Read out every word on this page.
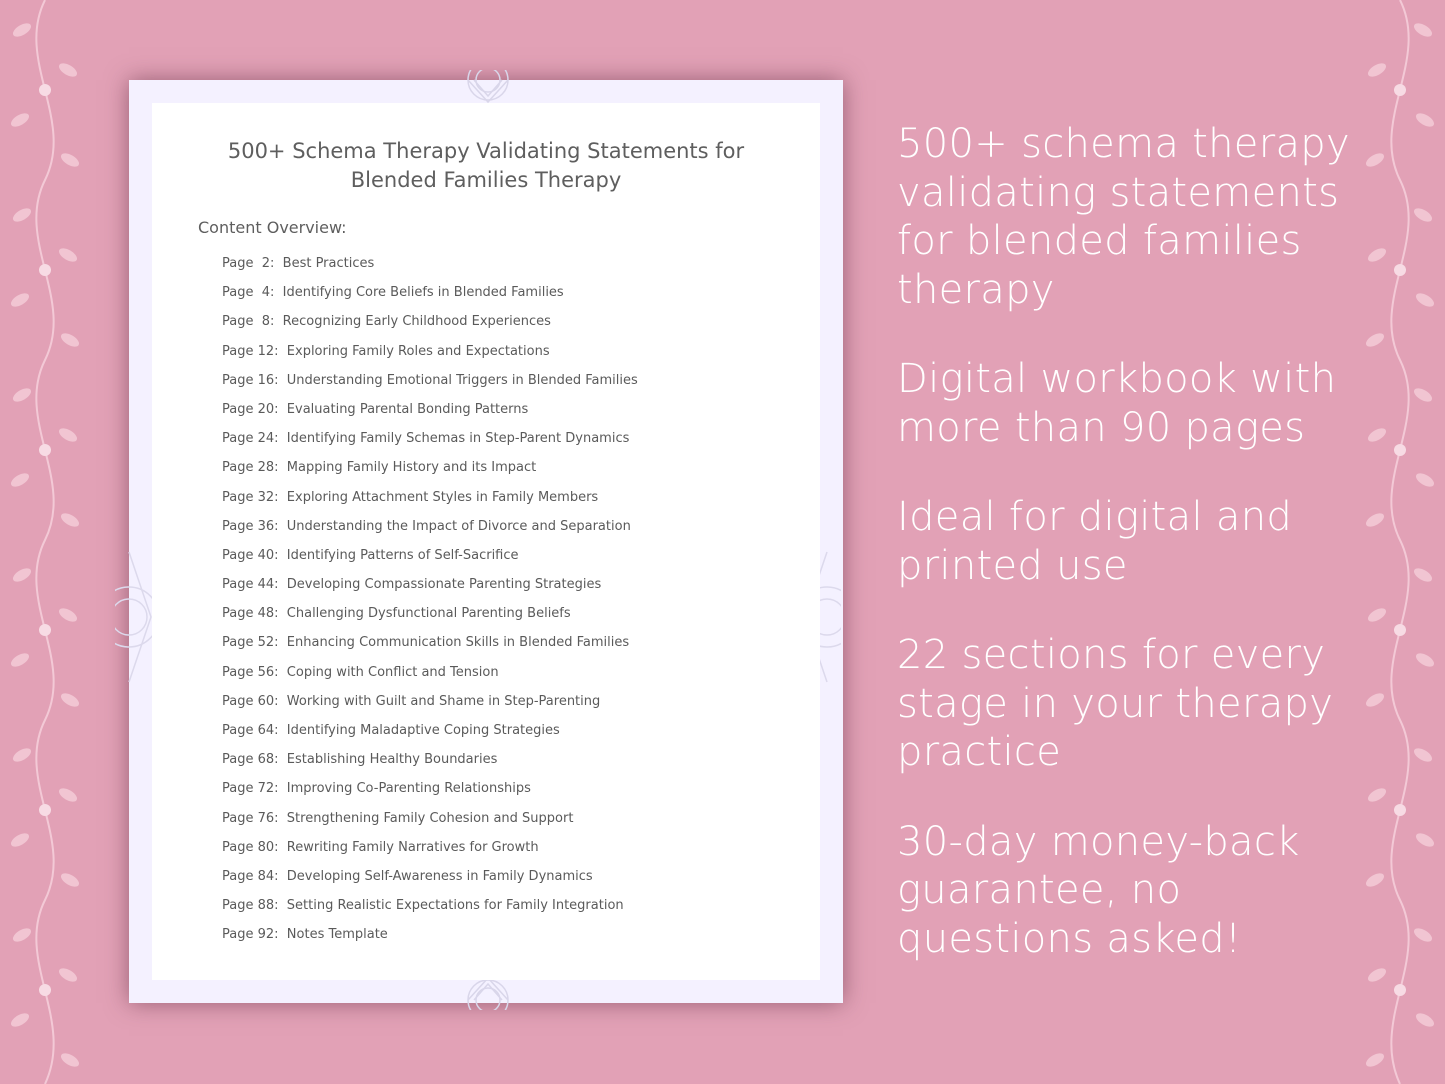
500+ Schema Therapy Validating Statements for
Blended Families Therapy
Content Overview:
Page  2:  Best Practices
Page  4:  Identifying Core Beliefs in Blended Families
Page  8:  Recognizing Early Childhood Experiences
Page 12:  Exploring Family Roles and Expectations
Page 16:  Understanding Emotional Triggers in Blended Families
Page 20:  Evaluating Parental Bonding Patterns
Page 24:  Identifying Family Schemas in Step-Parent Dynamics
Page 28:  Mapping Family History and its Impact
Page 32:  Exploring Attachment Styles in Family Members
Page 36:  Understanding the Impact of Divorce and Separation
Page 40:  Identifying Patterns of Self-Sacrifice
Page 44:  Developing Compassionate Parenting Strategies
Page 48:  Challenging Dysfunctional Parenting Beliefs
Page 52:  Enhancing Communication Skills in Blended Families
Page 56:  Coping with Conflict and Tension
Page 60:  Working with Guilt and Shame in Step-Parenting
Page 64:  Identifying Maladaptive Coping Strategies
Page 68:  Establishing Healthy Boundaries
Page 72:  Improving Co-Parenting Relationships
Page 76:  Strengthening Family Cohesion and Support
Page 80:  Rewriting Family Narratives for Growth
Page 84:  Developing Self-Awareness in Family Dynamics
Page 88:  Setting Realistic Expectations for Family Integration
Page 92:  Notes Template
500+ schema therapy validating statements for blended families therapy
Digital workbook with more than 90 pages
Ideal for digital and printed use
22 sections for every stage in your therapy practice
30-day money-back guarantee, no questions asked!
